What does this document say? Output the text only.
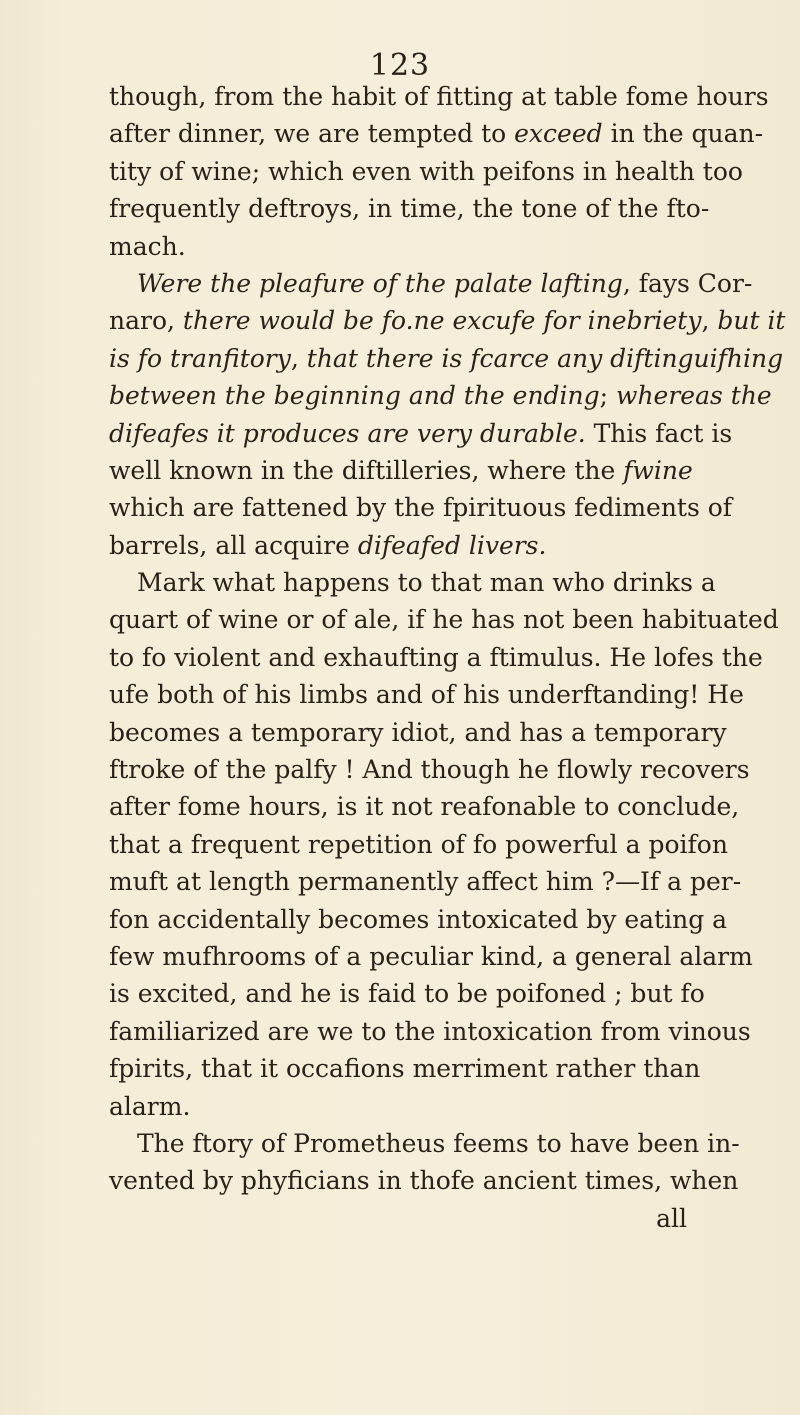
123
though, from the habit of fitting at table fome hours
after dinner, we are tempted to exceed in the quan-
tity of wine; which even with peifons in health too
frequently deftroys, in time, the tone of the fto-
mach.
Were the pleafure of the palate lafting, fays Cor-
naro, there would be fo.ne excufe for inebriety, but it
is fo tranfitory, that there is fcarce any diftinguifhing
between the beginning and the ending; whereas the
difeafes it produces are very durable. This fact is
well known in the diftilleries, where the fwine
which are fattened by the fpirituous fediments of
barrels, all acquire difeafed livers.
Mark what happens to that man who drinks a
quart of wine or of ale, if he has not been habituated
to fo violent and exhaufting a ftimulus. He lofes the
ufe both of his limbs and of his underftanding! He
becomes a temporary idiot, and has a temporary
ftroke of the palfy ! And though he flowly recovers
after fome hours, is it not reafonable to conclude,
that a frequent repetition of fo powerful a poifon
muft at length permanently affect him ?—If a per-
fon accidentally becomes intoxicated by eating a
few mufhrooms of a peculiar kind, a general alarm
is excited, and he is faid to be poifoned ; but fo
familiarized are we to the intoxication from vinous
fpirits, that it occafions merriment rather than
alarm.
The ftory of Prometheus feems to have been in-
vented by phyficians in thofe ancient times, when
all
